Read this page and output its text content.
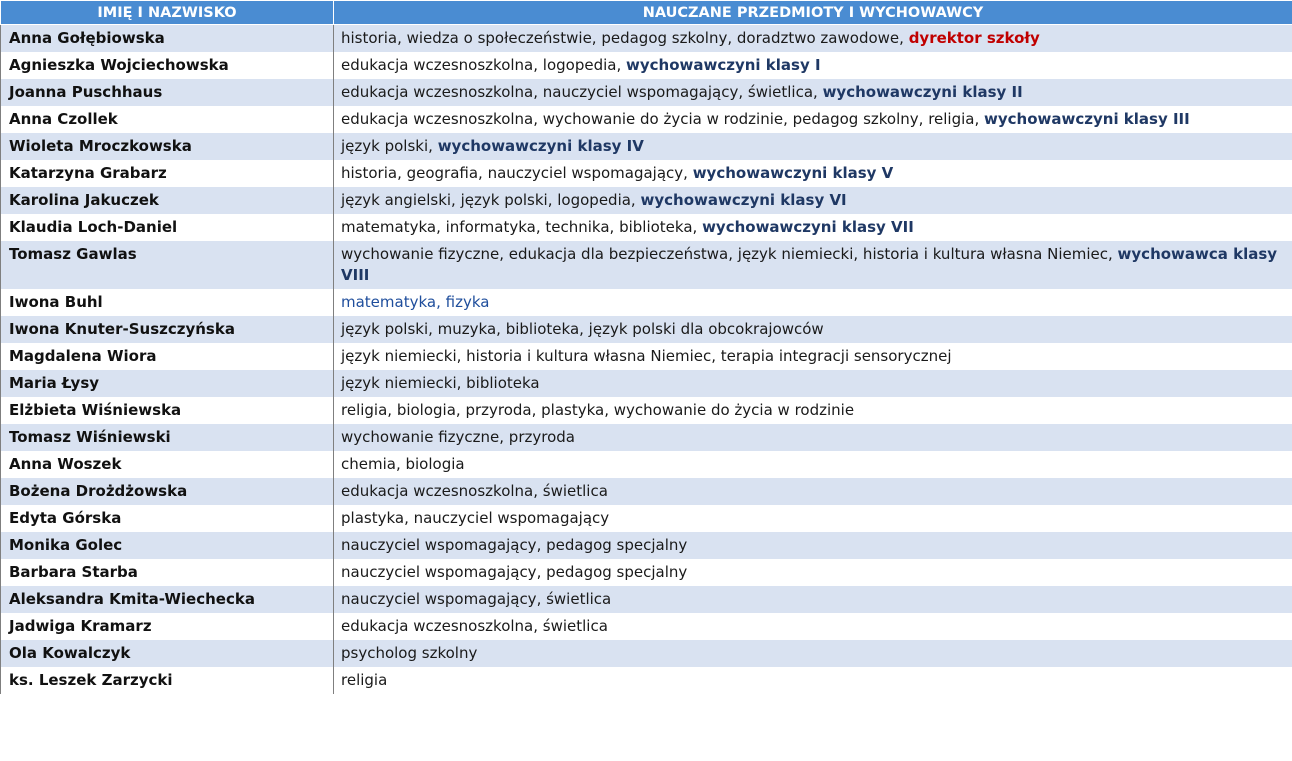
IMIĘ I NAZWISKO	NAUCZANE PRZEDMIOTY I WYCHOWAWCY
Anna Gołębiowska	historia, wiedza o społeczeństwie, pedagog szkolny, doradztwo zawodowe, dyrektor szkoły
Agnieszka Wojciechowska	edukacja wczesnoszkolna, logopedia, wychowawczyni klasy I
Joanna Puschhaus	edukacja wczesnoszkolna, nauczyciel wspomagający, świetlica, wychowawczyni klasy II
Anna Czollek	edukacja wczesnoszkolna, wychowanie do życia w rodzinie, pedagog szkolny, religia, wychowawczyni klasy III
Wioleta Mroczkowska	język polski, wychowawczyni klasy IV
Katarzyna Grabarz	historia, geografia, nauczyciel wspomagający, wychowawczyni klasy V
Karolina Jakuczek	język angielski, język polski, logopedia, wychowawczyni klasy VI
Klaudia Loch-Daniel	matematyka, informatyka, technika, biblioteka, wychowawczyni klasy VII
Tomasz Gawlas	wychowanie fizyczne, edukacja dla bezpieczeństwa, język niemiecki, historia i kultura własna Niemiec, wychowawca klasy VIII
Iwona Buhl	matematyka, fizyka
Iwona Knuter-Suszczyńska	język polski, muzyka, biblioteka, język polski dla obcokrajowców
Magdalena Wiora	język niemiecki, historia i kultura własna Niemiec, terapia integracji sensorycznej
Maria Łysy	język niemiecki, biblioteka
Elżbieta Wiśniewska	religia, biologia, przyroda, plastyka, wychowanie do życia w rodzinie
Tomasz Wiśniewski	wychowanie fizyczne, przyroda
Anna Woszek	chemia, biologia
Bożena Drożdżowska	edukacja wczesnoszkolna, świetlica
Edyta Górska	plastyka, nauczyciel wspomagający
Monika Golec	nauczyciel wspomagający, pedagog specjalny
Barbara Starba	nauczyciel wspomagający, pedagog specjalny
Aleksandra Kmita-Wiechecka	nauczyciel wspomagający, świetlica
Jadwiga Kramarz	edukacja wczesnoszkolna, świetlica
Ola Kowalczyk	psycholog szkolny
ks. Leszek Zarzycki	religia
